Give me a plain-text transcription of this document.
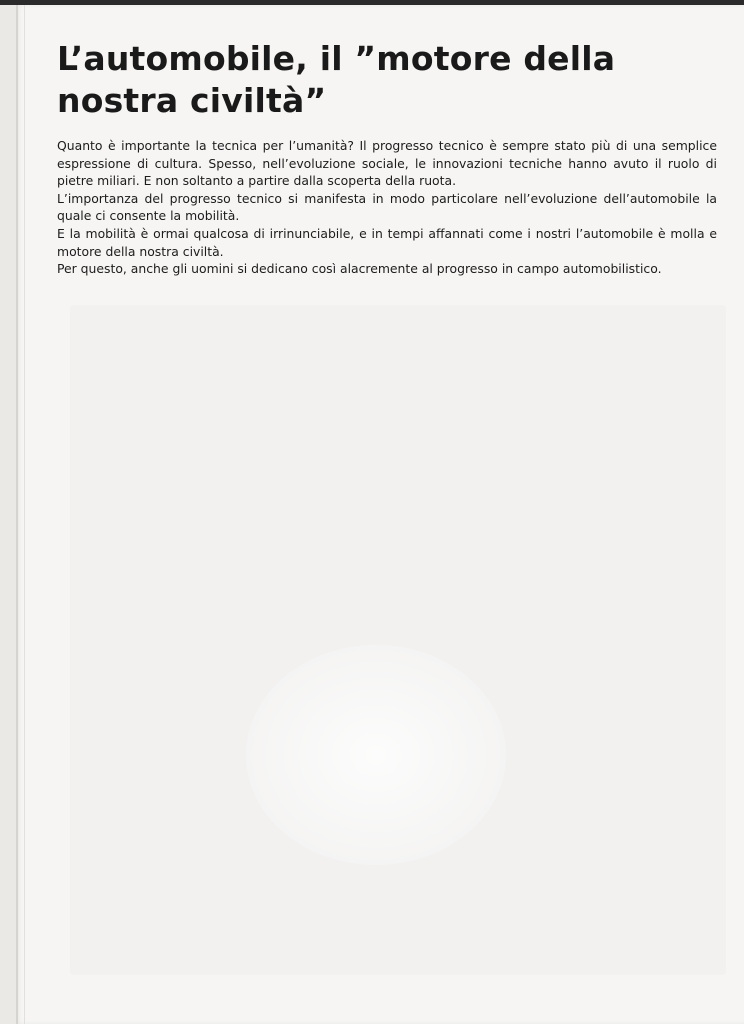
L’automobile, il ”motore della nostra civiltà”

Quanto è importante la tecnica per l’umanità? Il progresso tecnico è sempre stato più di una semplice espressione di cultura. Spesso, nell’evoluzione sociale, le innovazioni tecniche hanno avuto il ruolo di pietre miliari. E non soltanto a partire dalla scoperta della ruota.

L’importanza del progresso tecnico si manifesta in modo particolare nell’evoluzione dell’automobile la quale ci consente la mobilità.

E la mobilità è ormai qualcosa di irrinunciabile, e in tempi affannati come i nostri l’automobile è molla e motore della nostra civiltà.

Per questo, anche gli uomini si dedicano così alacremente al progresso in campo automobilistico.
